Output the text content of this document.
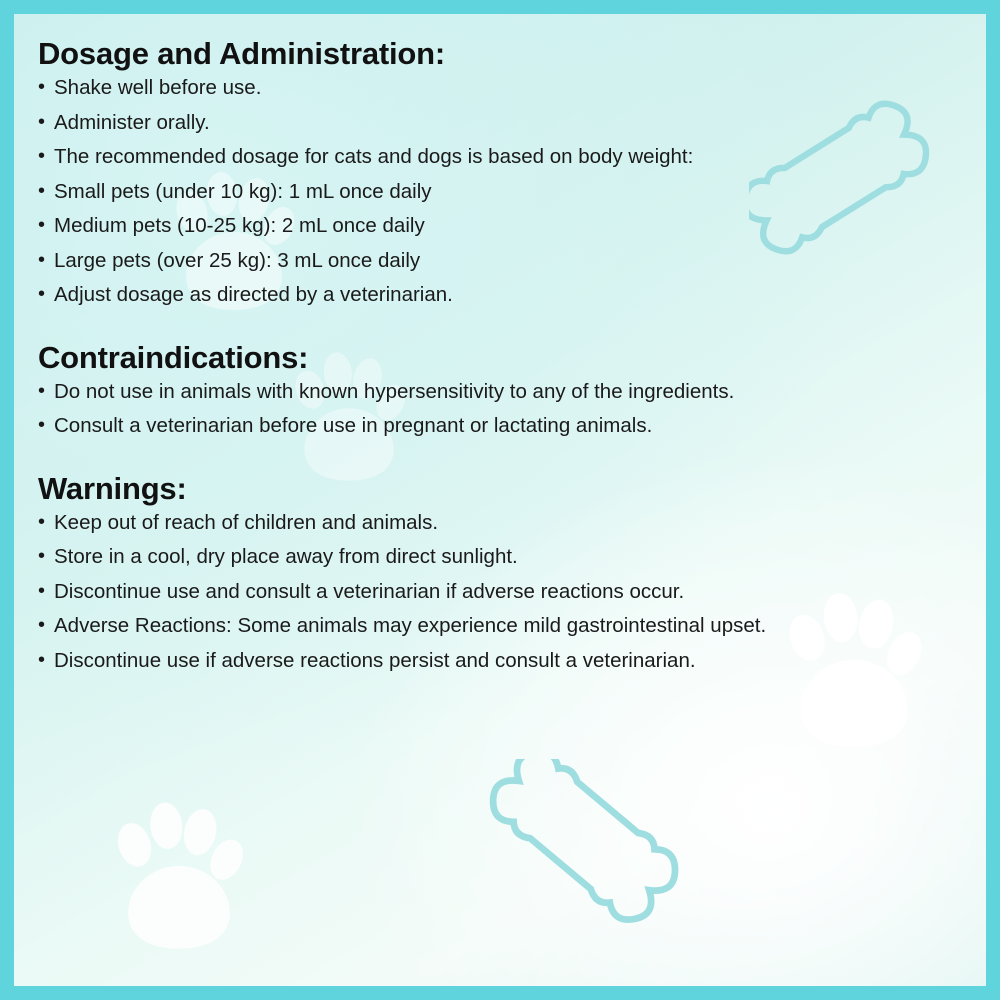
Dosage and Administration:
• Shake well before use.
• Administer orally.
• The recommended dosage for cats and dogs is based on body weight:
• Small pets (under 10 kg): 1 mL once daily
• Medium pets (10-25 kg): 2 mL once daily
• Large pets (over 25 kg): 3 mL once daily
• Adjust dosage as directed by a veterinarian.
Contraindications:
• Do not use in animals with known hypersensitivity to any of the ingredients.
• Consult a veterinarian before use in pregnant or lactating animals.
Warnings:
• Keep out of reach of children and animals.
• Store in a cool, dry place away from direct sunlight.
• Discontinue use and consult a veterinarian if adverse reactions occur.
• Adverse Reactions: Some animals may experience mild gastrointestinal upset.
• Discontinue use if adverse reactions persist and consult a veterinarian.
